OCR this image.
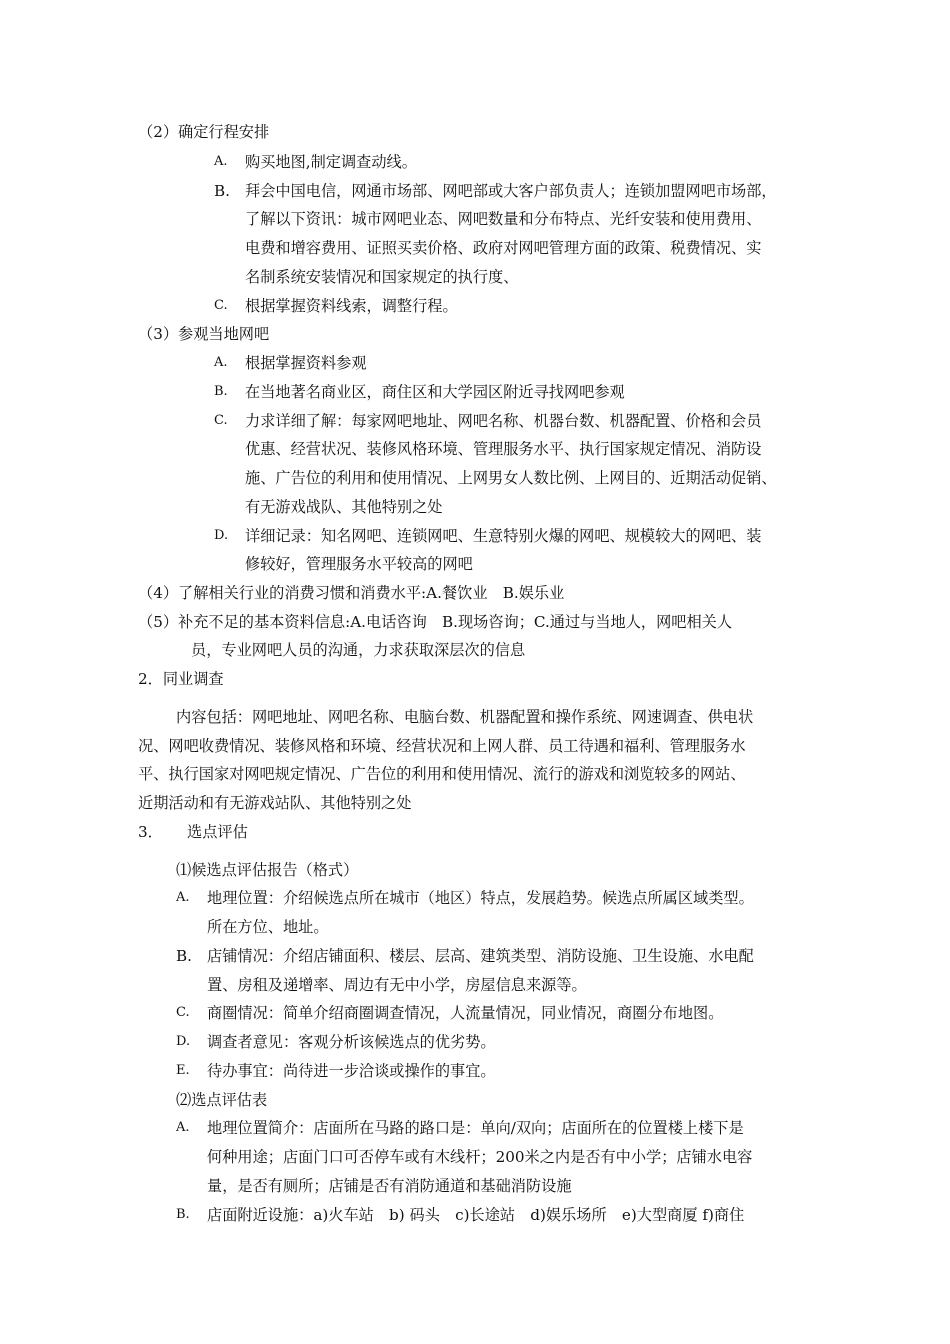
（2）确定行程安排
A. 购买地图,制定调查动线。
B. 拜会中国电信，网通市场部、网吧部或大客户部负责人；连锁加盟网吧市场部，
了解以下资讯：城市网吧业态、网吧数量和分布特点、光纤安装和使用费用、
电费和增容费用、证照买卖价格、政府对网吧管理方面的政策、税费情况、实
名制系统安装情况和国家规定的执行度、
C. 根据掌握资料线索，调整行程。
（3）参观当地网吧
A. 根据掌握资料参观
B. 在当地著名商业区，商住区和大学园区附近寻找网吧参观
C. 力求详细了解：每家网吧地址、网吧名称、机器台数、机器配置、价格和会员
优惠、经营状况、装修风格环境、管理服务水平、执行国家规定情况、消防设
施、广告位的利用和使用情况、上网男女人数比例、上网目的、近期活动促销、
有无游戏战队、其他特别之处
D. 详细记录：知名网吧、连锁网吧、生意特别火爆的网吧、规模较大的网吧、装
修较好，管理服务水平较高的网吧
（4）了解相关行业的消费习惯和消费水平:A.餐饮业　B.娱乐业
（5）补充不足的基本资料信息:A.电话咨询　B.现场咨询；C.通过与当地人，网吧相关人
员，专业网吧人员的沟通，力求获取深层次的信息
2．同业调查
内容包括：网吧地址、网吧名称、电脑台数、机器配置和操作系统、网速调查、供电状
况、网吧收费情况、装修风格和环境、经营状况和上网人群、员工待遇和福利、管理服务水
平、执行国家对网吧规定情况、广告位的利用和使用情况、流行的游戏和浏览较多的网站、
近期活动和有无游戏站队、其他特别之处
3． 选点评估
⑴候选点评估报告（格式）
A. 地理位置：介绍候选点所在城市（地区）特点，发展趋势。候选点所属区域类型。
所在方位、地址。
B. 店铺情况：介绍店铺面积、楼层、层高、建筑类型、消防设施、卫生设施、水电配
置、房租及递增率、周边有无中小学，房屋信息来源等。
C. 商圈情况：简单介绍商圈调查情况，人流量情况，同业情况，商圈分布地图。
D. 调查者意见：客观分析该候选点的优劣势。
E. 待办事宜：尚待进一步洽谈或操作的事宜。
⑵选点评估表
A. 地理位置简介：店面所在马路的路口是：单向/双向；店面所在的位置楼上楼下是
何种用途；店面门口可否停车或有木线杆；200米之内是否有中小学；店铺水电容
量，是否有厕所；店铺是否有消防通道和基础消防设施
B. 店面附近设施：a)火车站　b) 码头　c)长途站　d)娱乐场所　e)大型商厦 f)商住
